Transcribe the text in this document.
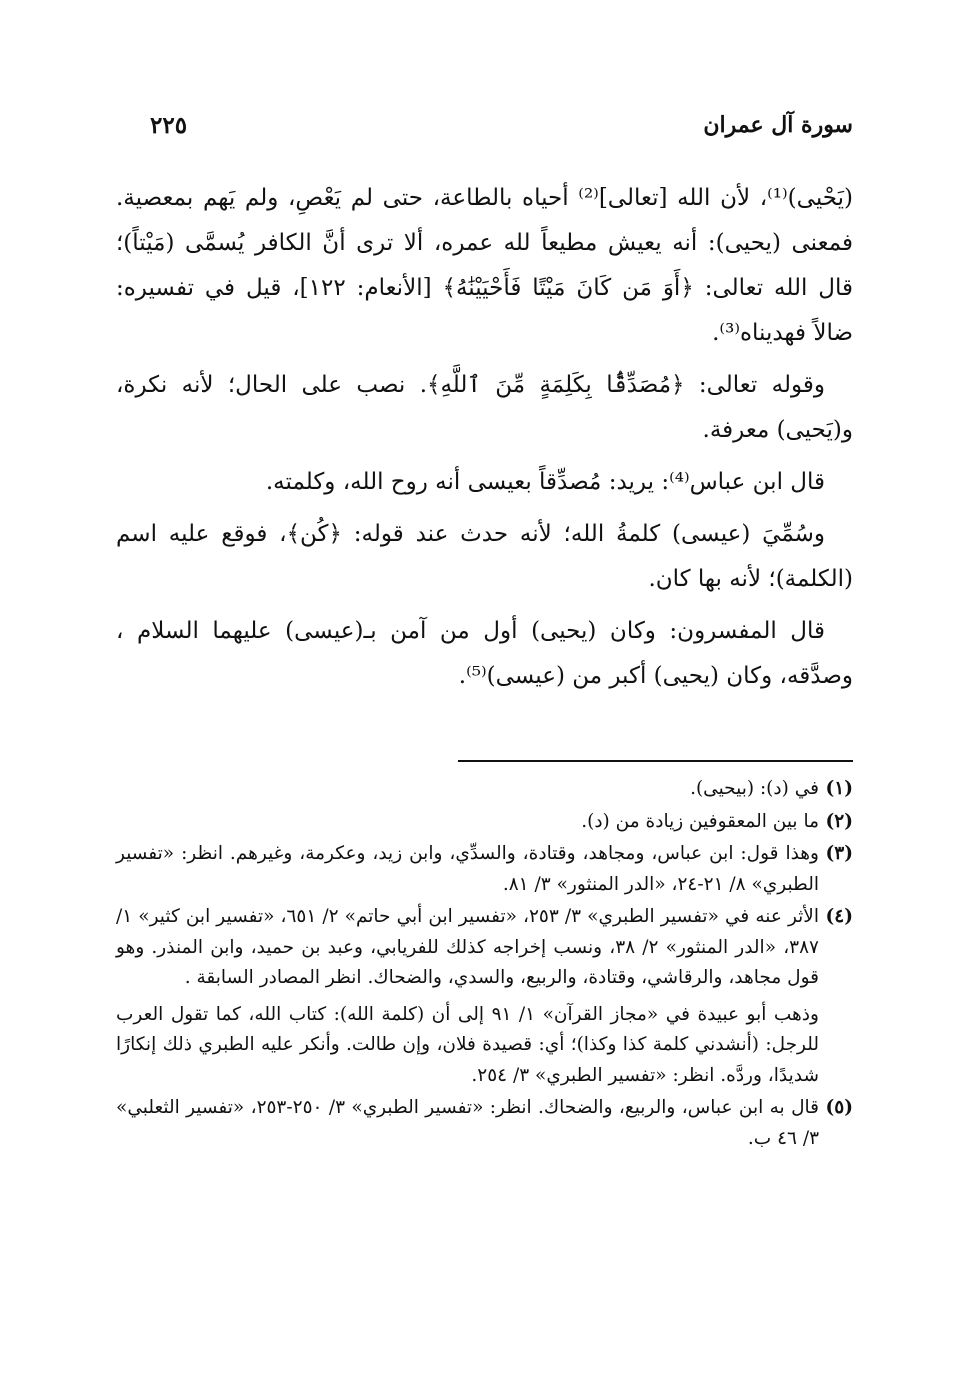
سورة آل عمران
٢٢٥

(يَحْيى)⁽¹⁾، لأن الله [تعالى]⁽²⁾ أحياه بالطاعة، حتى لم يَعْصِ، ولم يَهم بمعصية. فمعنى (يحيى): أنه يعيش مطيعاً لله عمره، ألا ترى أنَّ الكافر يُسمَّى (مَيْتاً)؛ قال الله تعالى: ﴿أَوَ مَن كَانَ مَيْتًا فَأَحْيَيْنَٰهُ﴾ [الأنعام: ١٢٢]، قيل في تفسيره: ضالاً فهديناه⁽³⁾.

وقوله تعالى: ﴿مُصَدِّقًۢا بِكَلِمَةٍ مِّنَ ٱللَّهِ﴾. نصب على الحال؛ لأنه نكرة، و(يَحيى) معرفة.

قال ابن عباس⁽⁴⁾: يريد: مُصدِّقاً بعيسى أنه روح الله، وكلمته.

وسُمِّيَ (عيسى) كلمةُ الله؛ لأنه حدث عند قوله: ﴿كُن﴾، فوقع عليه اسم (الكلمة)؛ لأنه بها كان.

قال المفسرون: وكان (يحيى) أول من آمن بـ(عيسى) عليهما السلام ، وصدَّقه، وكان (يحيى) أكبر من (عيسى)⁽⁵⁾.

(١)
في (د): (بيحيى).
(٢)
ما بين المعقوفين زيادة من (د).
(٣)
وهذا قول: ابن عباس، ومجاهد، وقتادة، والسدِّي، وابن زيد، وعكرمة، وغيرهم. انظر: «تفسير الطبري» ٨/ ٢١-٢٤، «الدر المنثور» ٣/ ٨١.
(٤)
الأثر عنه في «تفسير الطبري» ٣/ ٢٥٣، «تفسير ابن أبي حاتم» ٢/ ٦٥١، «تفسير ابن كثير» ١/ ٣٨٧، «الدر المنثور» ٢/ ٣٨، ونسب إخراجه كذلك للفريابي، وعبد بن حميد، وابن المنذر. وهو قول مجاهد، والرقاشي، وقتادة، والربيع، والسدي، والضحاك. انظر المصادر السابقة .
وذهب أبو عبيدة في «مجاز القرآن» ١/ ٩١ إلى أن (كلمة الله): كتاب الله، كما تقول العرب للرجل: (أنشدني كلمة كذا وكذا)؛ أي: قصيدة فلان، وإن طالت. وأنكر عليه الطبري ذلك إنكارًا شديدًا، وردَّه. انظر: «تفسير الطبري» ٣/ ٢٥٤.
(٥)
قال به ابن عباس، والربيع، والضحاك. انظر: «تفسير الطبري» ٣/ ٢٥٠-٢٥٣، «تفسير الثعلبي» ٣/ ٤٦ ب.
